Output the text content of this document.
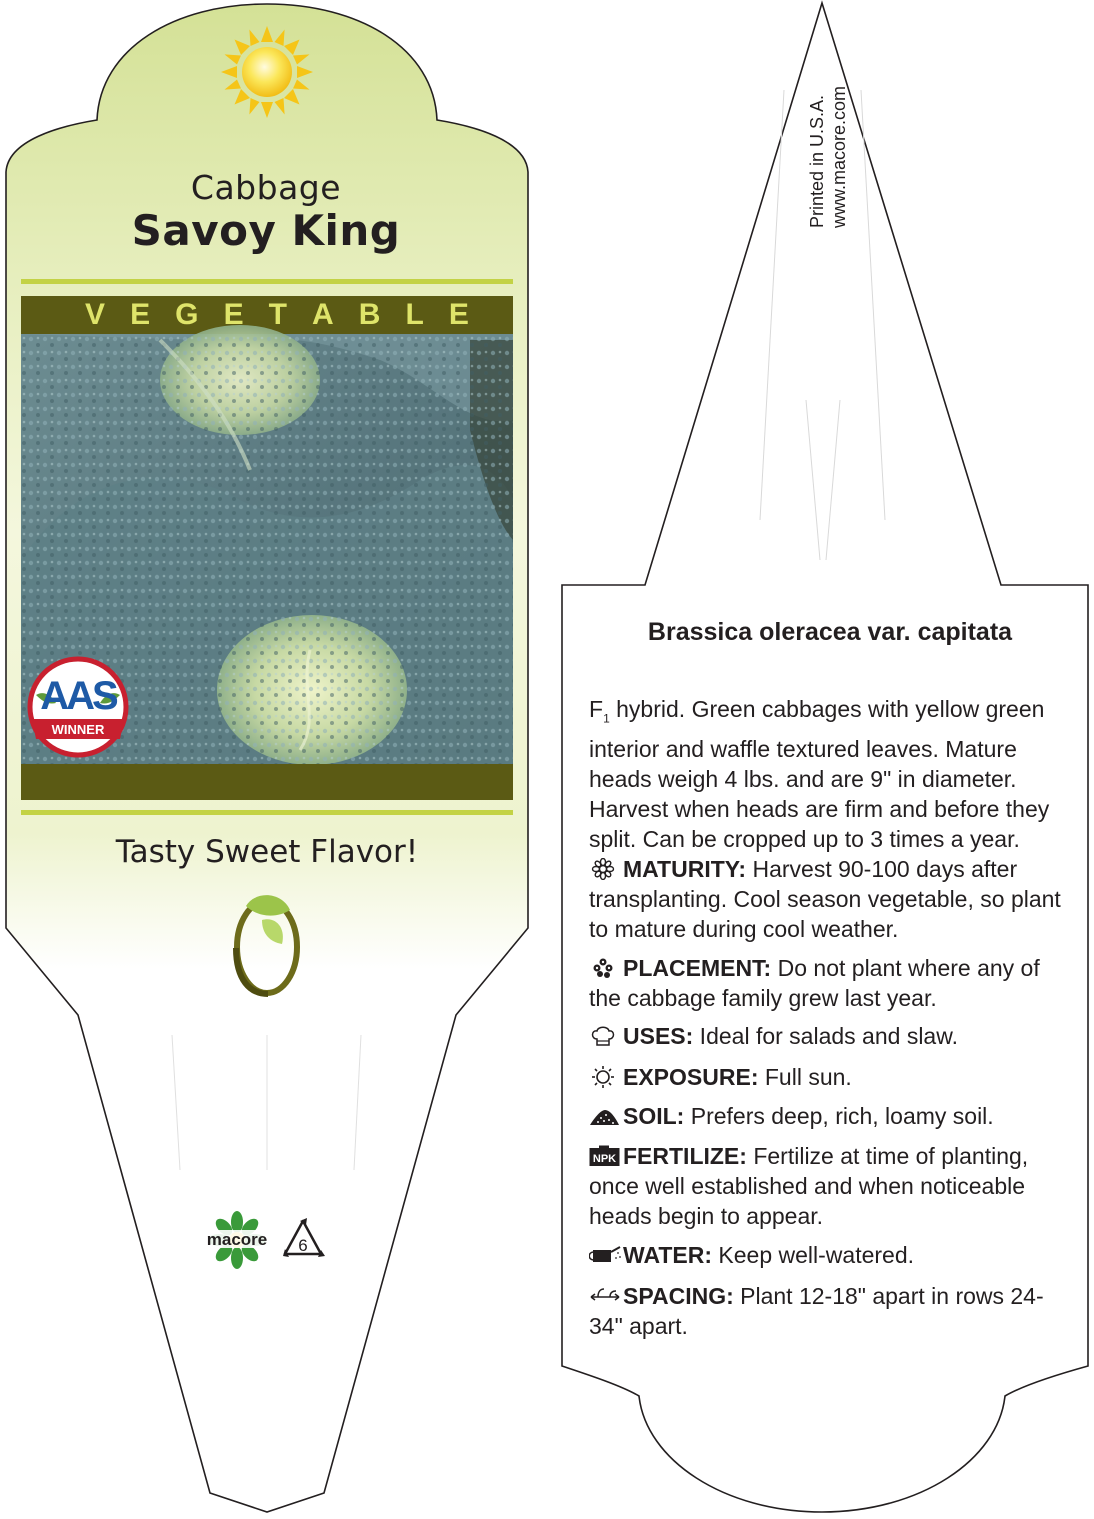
AAS
WINNER
macore 6
Cabbage
Savoy King
V E G E T A B L E
Tasty Sweet Flavor!
Printed in U.S.A. www.macore.com
Brassica oleracea var. capitata
$F_1$ hybrid. Green cabbages with yellow green interior and waffle textured leaves. Mature heads weigh 4 lbs. and are 9" in diameter. Harvest when heads are firm and before they split. Can be cropped up to 3 times a year.
MATURITY: Harvest 90-100 days after transplanting. Cool season vegetable, so plant to mature during cool weather.
PLACEMENT: Do not plant where any of the cabbage family grew last year.
USES: Ideal for salads and slaw.
EXPOSURE: Full sun.
SOIL: Prefers deep, rich, loamy soil.
NPK FERTILIZE: Fertilize at time of planting, once well established and when noticeable heads begin to appear.
WATER: Keep well-watered.
SPACING: Plant 12-18" apart in rows 24-34" apart.
